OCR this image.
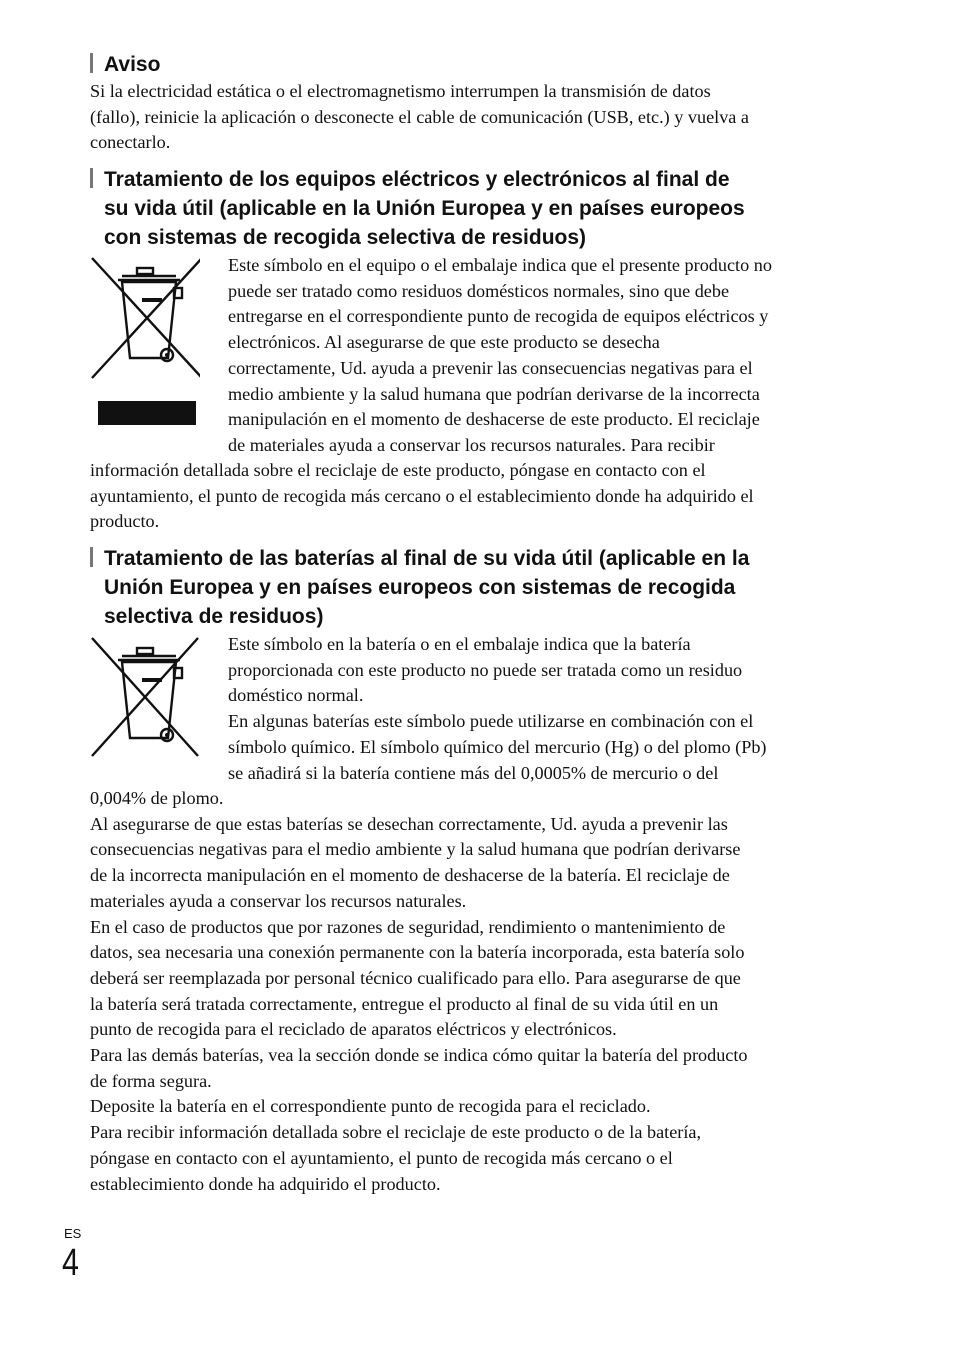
Aviso
Si la electricidad estática o el electromagnetismo interrumpen la transmisión de datos
(fallo), reinicie la aplicación o desconecte el cable de comunicación (USB, etc.) y vuelva a
conectarlo.
Tratamiento de los equipos eléctricos y electrónicos al final de
su vida útil (aplicable en la Unión Europea y en países europeos
con sistemas de recogida selectiva de residuos)
Este símbolo en el equipo o el embalaje indica que el presente producto no
puede ser tratado como residuos domésticos normales, sino que debe
entregarse en el correspondiente punto de recogida de equipos eléctricos y
electrónicos. Al asegurarse de que este producto se desecha
correctamente, Ud. ayuda a prevenir las consecuencias negativas para el
medio ambiente y la salud humana que podrían derivarse de la incorrecta
manipulación en el momento de deshacerse de este producto. El reciclaje
de materiales ayuda a conservar los recursos naturales. Para recibir
información detallada sobre el reciclaje de este producto, póngase en contacto con el
ayuntamiento, el punto de recogida más cercano o el establecimiento donde ha adquirido el
producto.
Tratamiento de las baterías al final de su vida útil (aplicable en la
Unión Europea y en países europeos con sistemas de recogida
selectiva de residuos)
Este símbolo en la batería o en el embalaje indica que la batería
proporcionada con este producto no puede ser tratada como un residuo
doméstico normal.
En algunas baterías este símbolo puede utilizarse en combinación con el
símbolo químico. El símbolo químico del mercurio (Hg) o del plomo (Pb)
se añadirá si la batería contiene más del 0,0005% de mercurio o del
0,004% de plomo.
Al asegurarse de que estas baterías se desechan correctamente, Ud. ayuda a prevenir las
consecuencias negativas para el medio ambiente y la salud humana que podrían derivarse
de la incorrecta manipulación en el momento de deshacerse de la batería. El reciclaje de
materiales ayuda a conservar los recursos naturales.
En el caso de productos que por razones de seguridad, rendimiento o mantenimiento de
datos, sea necesaria una conexión permanente con la batería incorporada, esta batería solo
deberá ser reemplazada por personal técnico cualificado para ello. Para asegurarse de que
la batería será tratada correctamente, entregue el producto al final de su vida útil en un
punto de recogida para el reciclado de aparatos eléctricos y electrónicos.
Para las demás baterías, vea la sección donde se indica cómo quitar la batería del producto
de forma segura.
Deposite la batería en el correspondiente punto de recogida para el reciclado.
Para recibir información detallada sobre el reciclaje de este producto o de la batería,
póngase en contacto con el ayuntamiento, el punto de recogida más cercano o el
establecimiento donde ha adquirido el producto.
ES
4
